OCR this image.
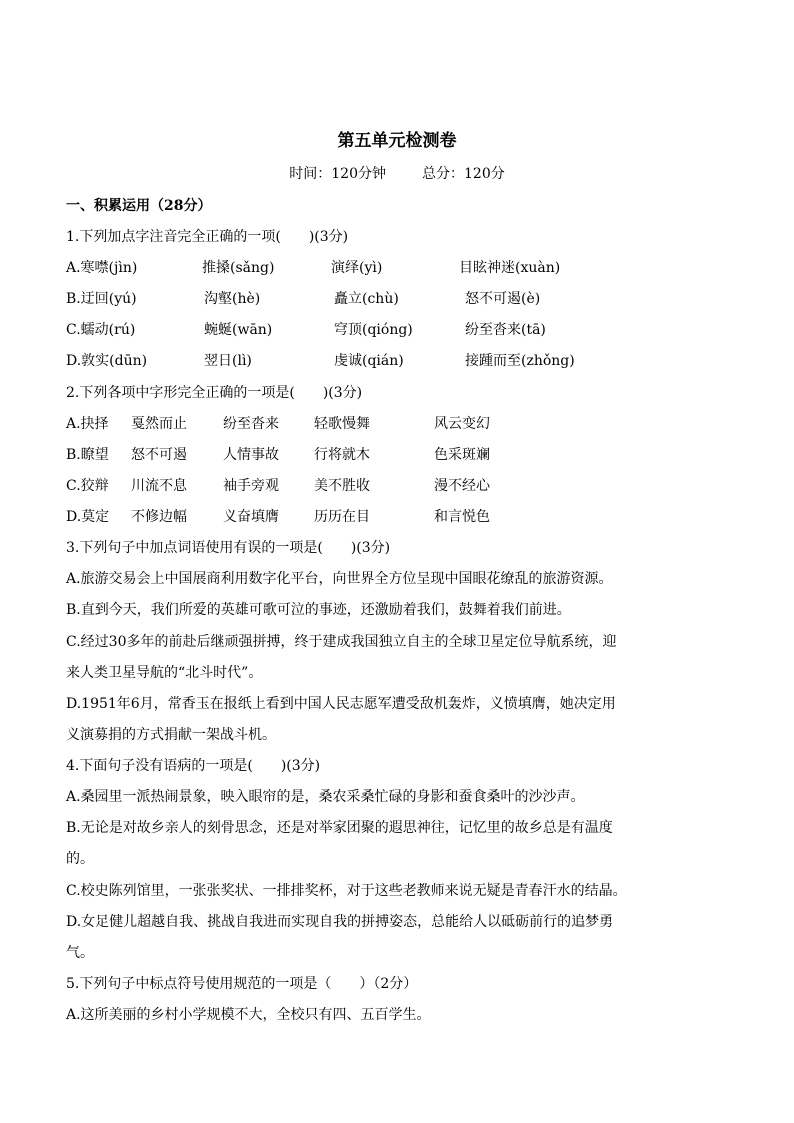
第五单元检测卷
时间：120分钟	总分：120分
一、积累运用（28分）
1.下列加点字注音完全正确的一项(　　)(3分)
A.寒噤(jìn)	推搡(sǎng)	演绎(yì)	目眩神迷(xuàn)
B.迂回(yú)	沟壑(hè)	矗立(chù)	怒不可遏(è)
C.蠕动(rú)	蜿蜒(wān)	穹顶(qióng)	纷至沓来(tā)
D.敦实(dūn)	翌日(lì)	虔诚(qián)	接踵而至(zhǒng)
2.下列各项中字形完全正确的一项是(　　)(3分)
A.抉择 戛然而止	纷至沓来	轻歌慢舞	风云变幻
B.瞭望 怒不可遏	人情事故	行将就木	色采斑斓
C.狡辩 川流不息	袖手旁观	美不胜收	漫不经心
D.莫定 不修边幅	义奋填膺	历历在目	和言悦色
3.下列句子中加点词语使用有误的一项是(　　)(3分)
A.旅游交易会上中国展商利用数字化平台，向世界全方位呈现中国眼花缭乱的旅游资源。
B.直到今天，我们所爱的英雄可歌可泣的事迹，还激励着我们，鼓舞着我们前进。
C.经过30多年的前赴后继顽强拼搏，终于建成我国独立自主的全球卫星定位导航系统，迎
来人类卫星导航的“北斗时代”。
D.1951年6月，常香玉在报纸上看到中国人民志愿军遭受敌机轰炸，义愤填膺，她决定用
义演募捐的方式捐献一架战斗机。
4.下面句子没有语病的一项是(　　)(3分)
A.桑园里一派热闹景象，映入眼帘的是，桑农采桑忙碌的身影和蚕食桑叶的沙沙声。
B.无论是对故乡亲人的刻骨思念，还是对举家团聚的遐思神往，记忆里的故乡总是有温度
的。
C.校史陈列馆里，一张张奖状、一排排奖杯，对于这些老教师来说无疑是青春汗水的结晶。
D.女足健儿超越自我、挑战自我进而实现自我的拼搏姿态，总能给人以砥砺前行的追梦勇
气。
5.下列句子中标点符号使用规范的一项是（　　）（2分）
A.这所美丽的乡村小学规模不大，全校只有四、五百学生。
